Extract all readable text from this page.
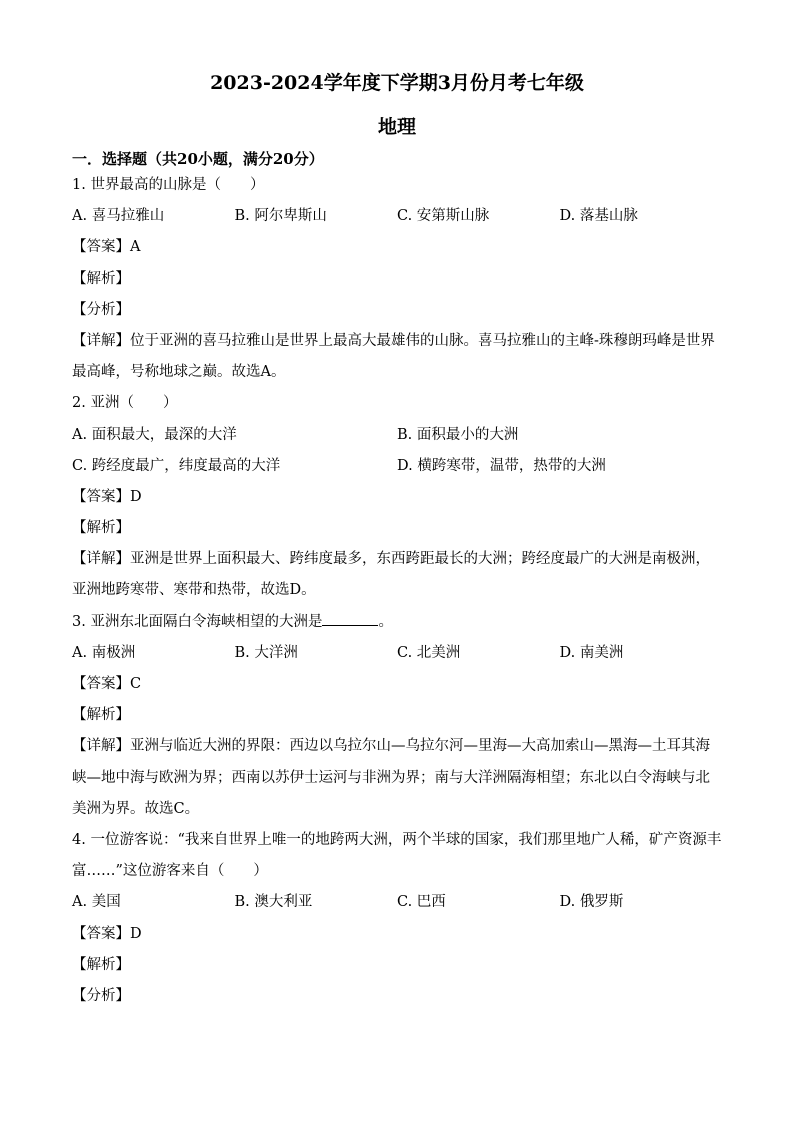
2023-2024学年度下学期3月份月考七年级
地理
一．选择题（共20小题，满分20分）
1. 世界最高的山脉是（　　）
A. 喜马拉雅山	B. 阿尔卑斯山	C. 安第斯山脉	D. 落基山脉
【答案】A
【解析】
【分析】
【详解】位于亚洲的喜马拉雅山是世界上最高大最雄伟的山脉。喜马拉雅山的主峰-珠穆朗玛峰是世界最高峰，号称地球之巅。故选A。
2. 亚洲（　　）
A. 面积最大，最深的大洋	B. 面积最小的大洲
C. 跨经度最广，纬度最高的大洋	D. 横跨寒带，温带，热带的大洲
【答案】D
【解析】
【详解】亚洲是世界上面积最大、跨纬度最多，东西跨距最长的大洲；跨经度最广的大洲是南极洲，亚洲地跨寒带、寒带和热带，故选D。
3. 亚洲东北面隔白令海峡相望的大洲是	。
A. 南极洲	B. 大洋洲	C. 北美洲	D. 南美洲
【答案】C
【解析】
【详解】亚洲与临近大洲的界限：西边以乌拉尔山—乌拉尔河—里海—大高加索山—黑海—土耳其海峡—地中海与欧洲为界；西南以苏伊士运河与非洲为界；南与大洋洲隔海相望；东北以白令海峡与北美洲为界。故选C。
4. 一位游客说：“我来自世界上唯一的地跨两大洲，两个半球的国家，我们那里地广人稀，矿产资源丰富……”这位游客来自（　　）
A. 美国	B. 澳大利亚	C. 巴西	D. 俄罗斯
【答案】D
【解析】
【分析】
